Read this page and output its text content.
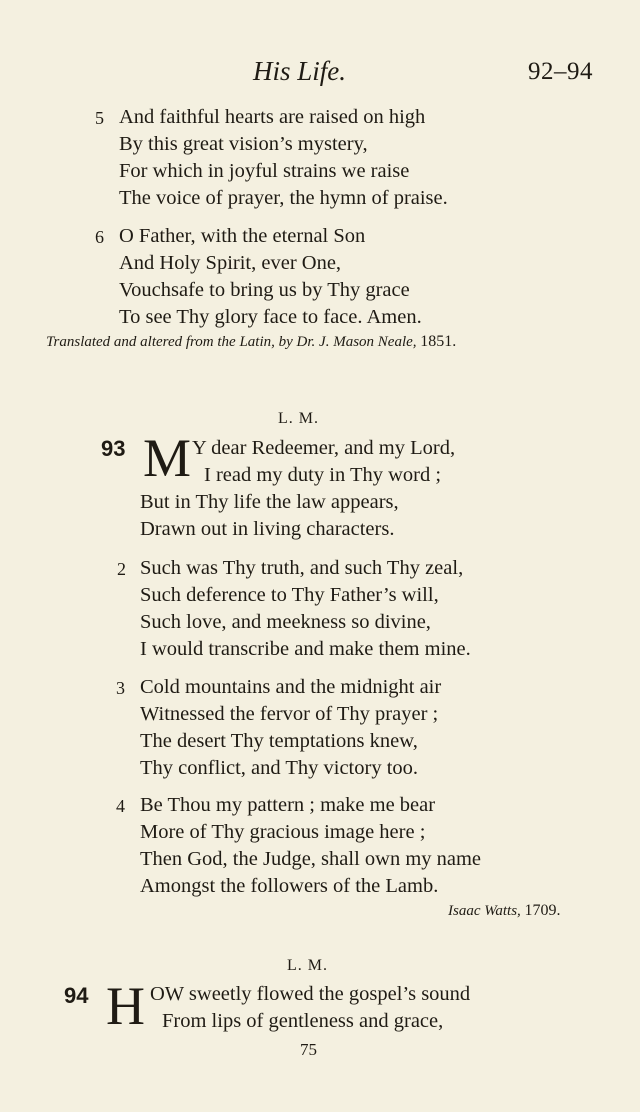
His Life.	92–94
5 And faithful hearts are raised on high
By this great vision’s mystery,
For which in joyful strains we raise
The voice of prayer, the hymn of praise.
6 O Father, with the eternal Son
And Holy Spirit, ever One,
Vouchsafe to bring us by Thy grace
To see Thy glory face to face. Amen.
Translated and altered from the Latin, by Dr. J. Mason Neale, 1851.
L. M.
93 M Y dear Redeemer, and my Lord,
I read my duty in Thy word ;
But in Thy life the law appears,
Drawn out in living characters.
2 Such was Thy truth, and such Thy zeal,
Such deference to Thy Father’s will,
Such love, and meekness so divine,
I would transcribe and make them mine.
3 Cold mountains and the midnight air
Witnessed the fervor of Thy prayer ;
The desert Thy temptations knew,
Thy conflict, and Thy victory too.
4 Be Thou my pattern ; make me bear
More of Thy gracious image here ;
Then God, the Judge, shall own my name
Amongst the followers of the Lamb.
Isaac Watts, 1709.
L. M.
94 H OW sweetly flowed the gospel’s sound
From lips of gentleness and grace,
75
